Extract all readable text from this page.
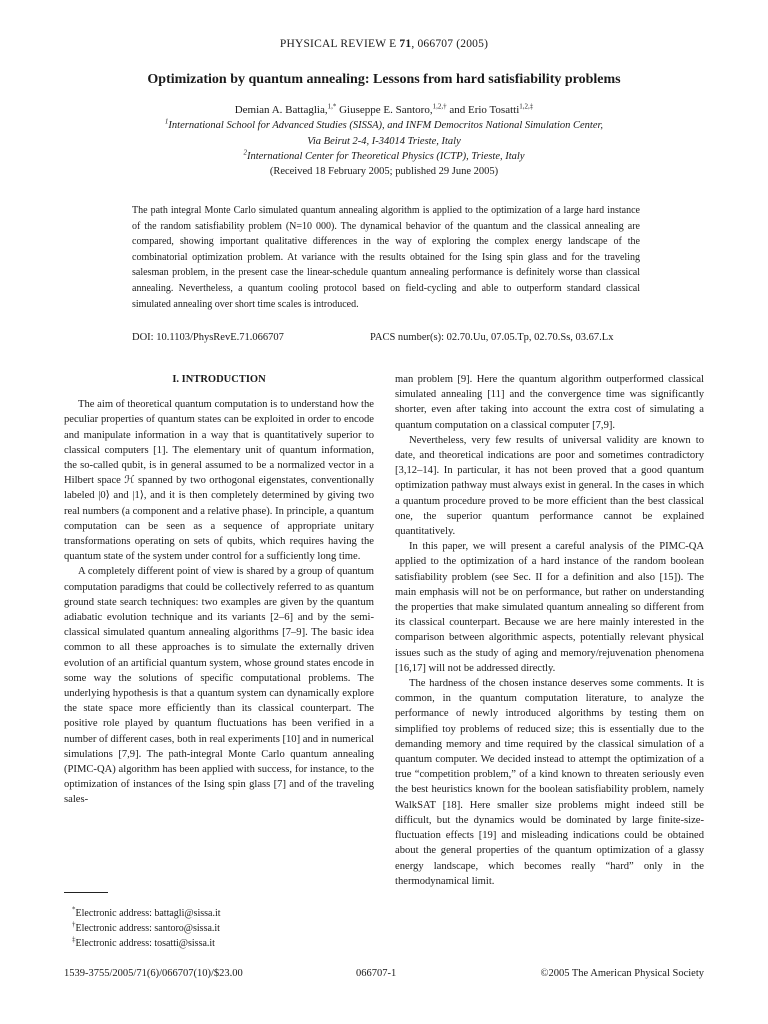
PHYSICAL REVIEW E 71, 066707 (2005)
Optimization by quantum annealing: Lessons from hard satisfiability problems
Demian A. Battaglia,$^{1,*}$ Giuseppe E. Santoro,$^{1,2,\dagger}$ and Erio Tosatti$^{1,2,\ddagger}$
$^1$International School for Advanced Studies (SISSA), and INFM Democritos National Simulation Center,
Via Beirut 2-4, I-34014 Trieste, Italy
$^2$International Center for Theoretical Physics (ICTP), Trieste, Italy
(Received 18 February 2005; published 29 June 2005)
The path integral Monte Carlo simulated quantum annealing algorithm is applied to the optimization of a large hard instance of the random satisfiability problem (N=10 000). The dynamical behavior of the quantum and the classical annealing are compared, showing important qualitative differences in the way of exploring the complex energy landscape of the combinatorial optimization problem. At variance with the results obtained for the Ising spin glass and for the traveling salesman problem, in the present case the linear-schedule quantum annealing performance is definitely worse than classical annealing. Nevertheless, a quantum cooling protocol based on field-cycling and able to outperform standard classical simulated annealing over short time scales is introduced.
DOI: 10.1103/PhysRevE.71.066707	PACS number(s): 02.70.Uu, 07.05.Tp, 02.70.Ss, 03.67.Lx
I. INTRODUCTION

The aim of theoretical quantum computation is to understand how the peculiar properties of quantum states can be exploited in order to encode and manipulate information in a way that is quantitatively superior to classical computers [1]. The elementary unit of quantum information, the so-called qubit, is in general assumed to be a normalized vector in a Hilbert space ℋ spanned by two orthogonal eigenstates, conventionally labeled |0⟩ and |1⟩, and it is then completely determined by giving two real numbers (a component and a relative phase). In principle, a quantum computation can be seen as a sequence of appropriate unitary transformations operating on sets of qubits, which requires having the quantum state of the system under control for a sufficiently long time.

A completely different point of view is shared by a group of quantum computation paradigms that could be collectively referred to as quantum ground state search techniques: two examples are given by the quantum adiabatic evolution technique and its variants [2–6] and by the semi-classical simulated quantum annealing algorithms [7–9]. The basic idea common to all these approaches is to simulate the externally driven evolution of an artificial quantum system, whose ground states encode in some way the solutions of specific computational problems. The underlying hypothesis is that a quantum system can dynamically explore the state space more efficiently than its classical counterpart. The positive role played by quantum fluctuations has been verified in a number of different cases, both in real experiments [10] and in numerical simulations [7,9]. The path-integral Monte Carlo quantum annealing (PIMC-QA) algorithm has been applied with success, for instance, to the optimization of instances of the Ising spin glass [7] and of the traveling sales-

man problem [9]. Here the quantum algorithm outperformed classical simulated annealing [11] and the convergence time was significantly shorter, even after taking into account the extra cost of simulating a quantum computation on a classical computer [7,9].

Nevertheless, very few results of universal validity are known to date, and theoretical indications are poor and sometimes contradictory [3,12–14]. In particular, it has not been proved that a good quantum optimization pathway must always exist in general. In the cases in which a quantum procedure proved to be more efficient than the best classical one, the superior quantum performance cannot be explained quantitatively.

In this paper, we will present a careful analysis of the PIMC-QA applied to the optimization of a hard instance of the random boolean satisfiability problem (see Sec. II for a definition and also [15]). The main emphasis will not be on performance, but rather on understanding the properties that make simulated quantum annealing so different from its classical counterpart. Because we are here mainly interested in the comparison between algorithmic aspects, potentially relevant physical issues such as the study of aging and memory/rejuvenation phenomena [16,17] will not be addressed directly.

The hardness of the chosen instance deserves some comments. It is common, in the quantum computation literature, to analyze the performance of newly introduced algorithms by testing them on simplified toy problems of reduced size; this is essentially due to the demanding memory and time required by the classical simulation of a quantum computer. We decided instead to attempt the optimization of a true “competition problem,” of a kind known to threaten seriously even the best heuristics known for the boolean satisfiability problem, namely WalkSAT [18]. Here smaller size problems might indeed still be difficult, but the dynamics would be dominated by large finite-size-fluctuation effects [19] and misleading indications could be obtained about the general properties of the quantum optimization of a glassy energy landscape, which becomes really “hard” only in the thermodynamical limit.

*Electronic address: battagli@sissa.it
†Electronic address: santoro@sissa.it
‡Electronic address: tosatti@sissa.it
1539-3755/2005/71(6)/066707(10)/$23.00	066707-1	©2005 The American Physical Society
